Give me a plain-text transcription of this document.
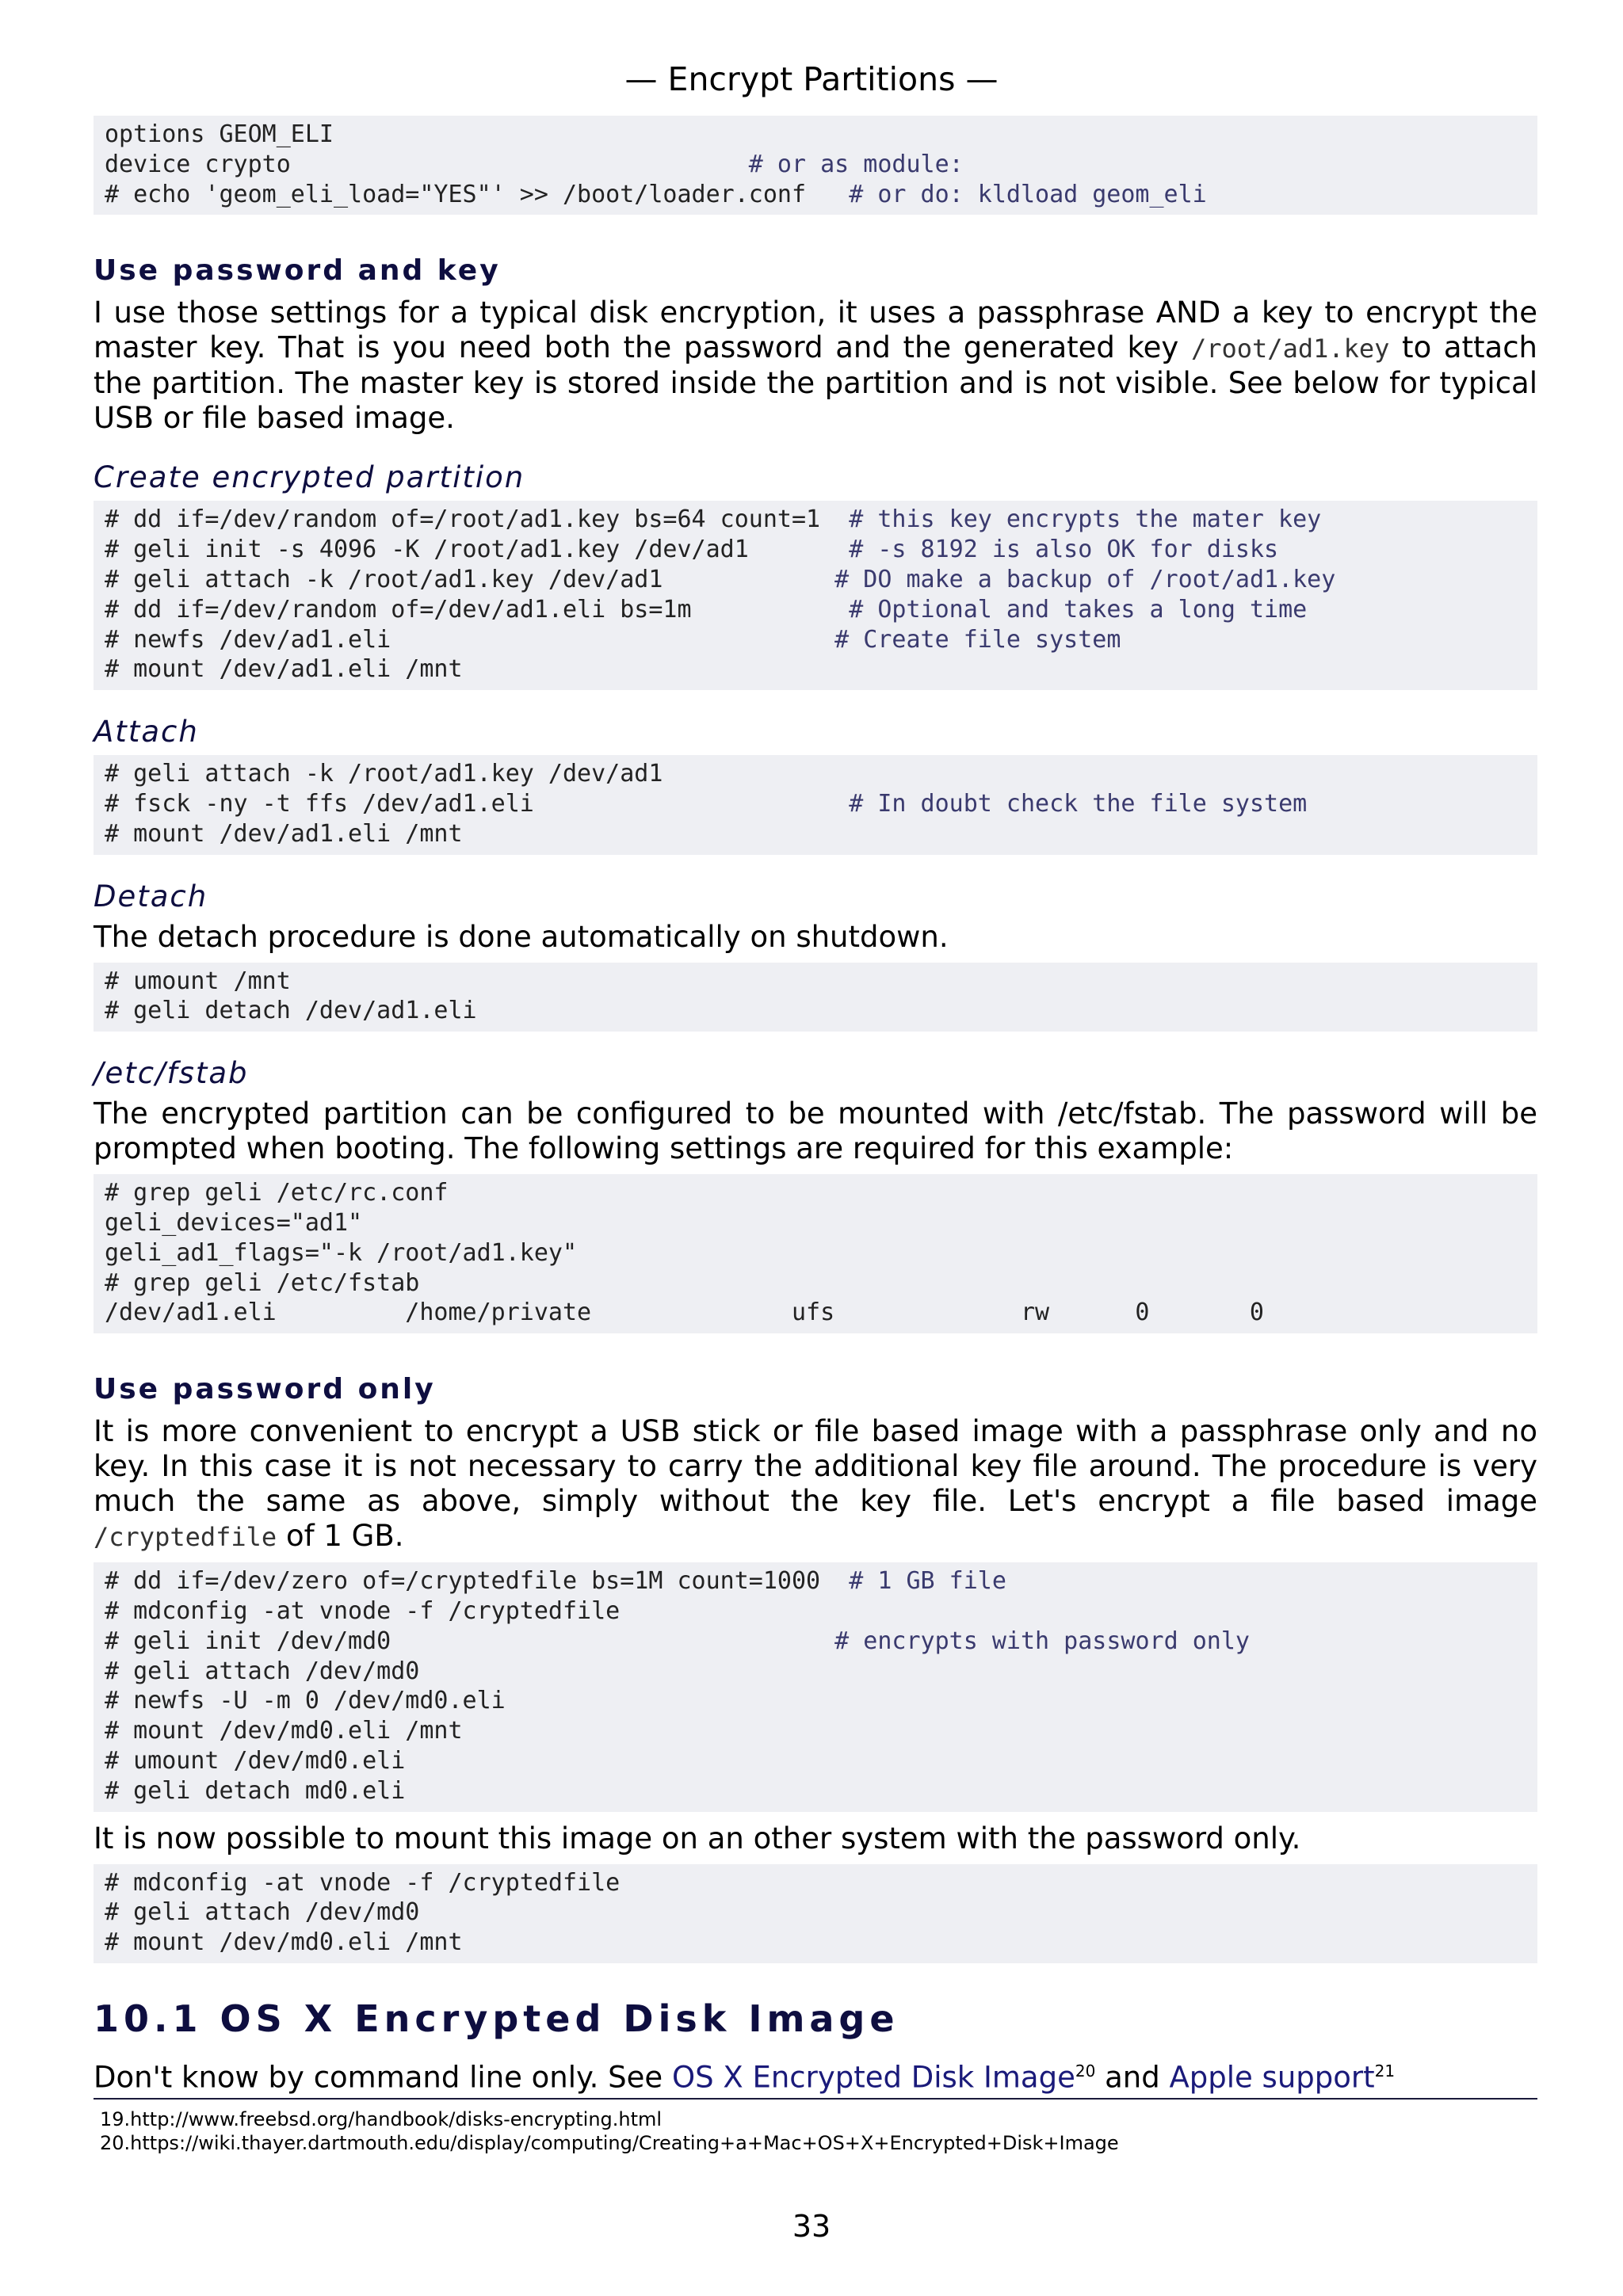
— Encrypt Partitions —
options GEOM_ELI
device crypto	# or as module:
# echo 'geom_eli_load="YES"' >> /boot/loader.conf # or do: kldload geom_eli
Use password and key

I use those settings for a typical disk encryption, it uses a passphrase AND a key to encrypt the master key. That is you need both the password and the generated key /root/ad1.key to attach the partition. The master key is stored inside the partition and is not visible. See below for typical USB or file based image.

Create encrypted partition
# dd if=/dev/random of=/root/ad1.key bs=64 count=1 # this key encrypts the mater key
# geli init -s 4096 -K /root/ad1.key /dev/ad1	# -s 8192 is also OK for disks
# geli attach -k /root/ad1.key /dev/ad1	# DO make a backup of /root/ad1.key
# dd if=/dev/random of=/dev/ad1.eli bs=1m	# Optional and takes a long time
# newfs /dev/ad1.eli	# Create file system
# mount /dev/ad1.eli /mnt
Attach
# geli attach -k /root/ad1.key /dev/ad1
# fsck -ny -t ffs /dev/ad1.eli	# In doubt check the file system
# mount /dev/ad1.eli /mnt
Detach

The detach procedure is done automatically on shutdown.

# umount /mnt
# geli detach /dev/ad1.eli
/etc/fstab

The encrypted partition can be configured to be mounted with /etc/fstab. The password will be prompted when booting. The following settings are required for this example:

# grep geli /etc/rc.conf
geli_devices="ad1"
geli_ad1_flags="-k /root/ad1.key"
# grep geli /etc/fstab
/dev/ad1.eli         /home/private              ufs             rw      0       0
Use password only

It is more convenient to encrypt a USB stick or file based image with a passphrase only and no key. In this case it is not necessary to carry the additional key file around. The procedure is very much the same as above, simply without the key file. Let's encrypt a file based image /cryptedfile of 1 GB.

# dd if=/dev/zero of=/cryptedfile bs=1M count=1000 # 1 GB file
# mdconfig -at vnode -f /cryptedfile
# geli init /dev/md0	# encrypts with password only
# geli attach /dev/md0
# newfs -U -m 0 /dev/md0.eli
# mount /dev/md0.eli /mnt
# umount /dev/md0.eli
# geli detach md0.eli

It is now possible to mount this image on an other system with the password only.

# mdconfig -at vnode -f /cryptedfile
# geli attach /dev/md0
# mount /dev/md0.eli /mnt
10.1 OS X Encrypted Disk Image

Don't know by command line only. See OS X Encrypted Disk Image$^{20}$ and Apple support$^{21}$

19.http://www.freebsd.org/handbook/disks-encrypting.html
20.https://wiki.thayer.dartmouth.edu/display/computing/Creating+a+Mac+OS+X+Encrypted+Disk+Image
33
